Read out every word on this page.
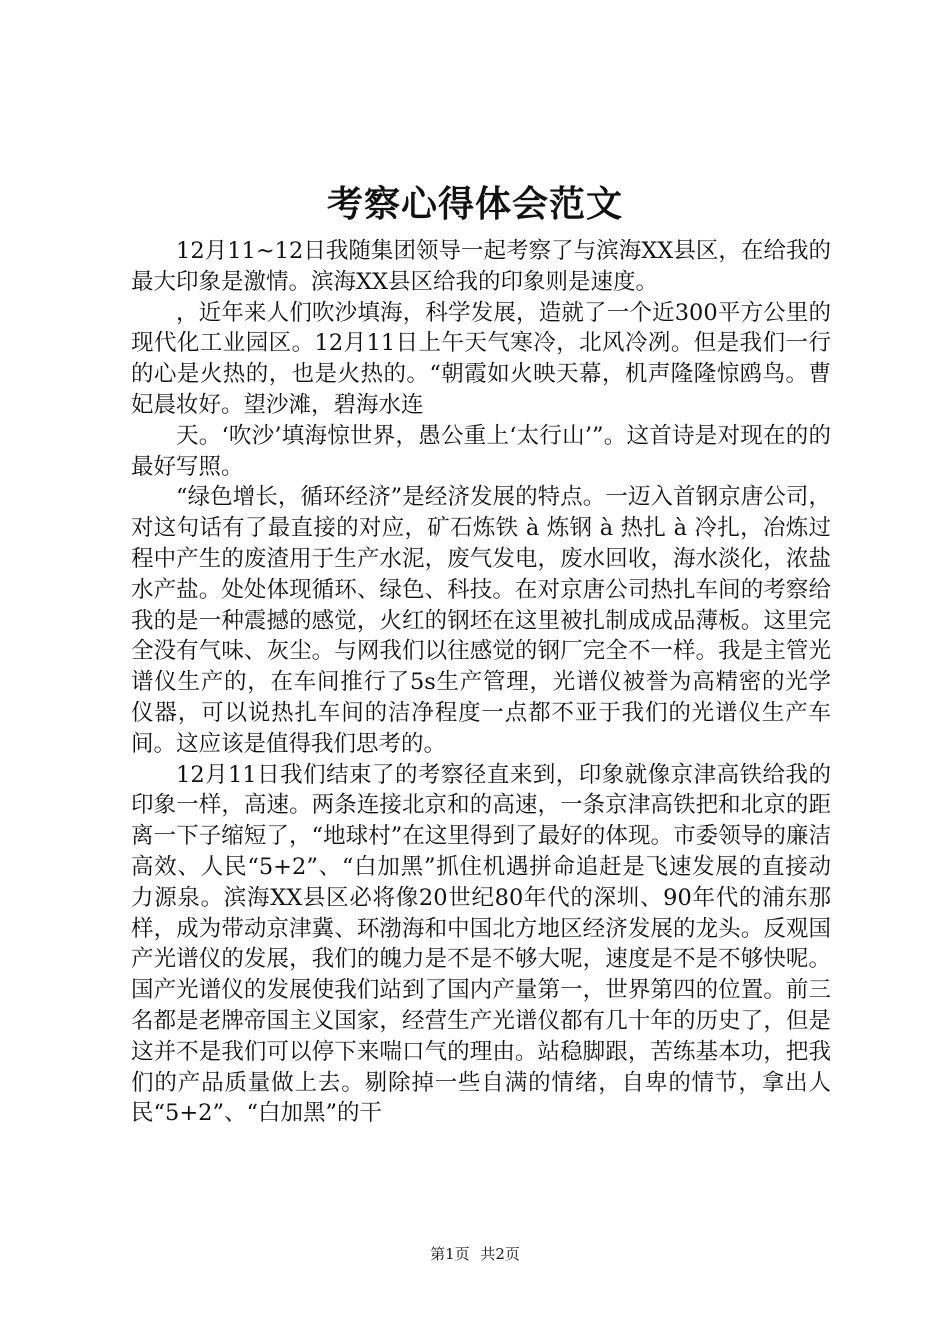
考察心得体会范文

12月11~12日我随集团领导一起考察了与滨海XX县区，在给我的最大印象是激情。滨海XX县区给我的印象则是速度。

，近年来人们吹沙填海，科学发展，造就了一个近300平方公里的现代化工业园区。12月11日上午天气寒冷，北风冷冽。但是我们一行的心是火热的，也是火热的。“朝霞如火映天幕，机声隆隆惊鸥鸟。曹妃晨妆好。望沙滩，碧海水连

天。‘吹沙’填海惊世界，愚公重上‘太行山’”。这首诗是对现在的的最好写照。

“绿色增长，循环经济”是经济发展的特点。一迈入首钢京唐公司，对这句话有了最直接的对应，矿石炼铁 à 炼钢 à 热扎 à 冷扎，冶炼过程中产生的废渣用于生产水泥，废气发电，废水回收，海水淡化，浓盐水产盐。处处体现循环、绿色、科技。在对京唐公司热扎车间的考察给我的是一种震撼的感觉，火红的钢坯在这里被扎制成成品薄板。这里完全没有气味、灰尘。与网我们以往感觉的钢厂完全不一样。我是主管光谱仪生产的，在车间推行了5s生产管理，光谱仪被誉为高精密的光学仪器，可以说热扎车间的洁净程度一点都不亚于我们的光谱仪生产车间。这应该是值得我们思考的。

12月11日我们结束了的考察径直来到，印象就像京津高铁给我的印象一样，高速。两条连接北京和的高速，一条京津高铁把和北京的距离一下子缩短了，“地球村”在这里得到了最好的体现。市委领导的廉洁高效、人民“5+2”、“白加黑”抓住机遇拼命追赶是飞速发展的直接动力源泉。滨海XX县区必将像20世纪80年代的深圳、90年代的浦东那样，成为带动京津冀、环渤海和中国北方地区经济发展的龙头。反观国产光谱仪的发展，我们的魄力是不是不够大呢，速度是不是不够快呢。国产光谱仪的发展使我们站到了国内产量第一，世界第四的位置。前三名都是老牌帝国主义国家，经营生产光谱仪都有几十年的历史了，但是这并不是我们可以停下来喘口气的理由。站稳脚跟，苦练基本功，把我们的产品质量做上去。剔除掉一些自满的情绪，自卑的情节，拿出人民“5+2”、“白加黑”的干

第1页 共2页
